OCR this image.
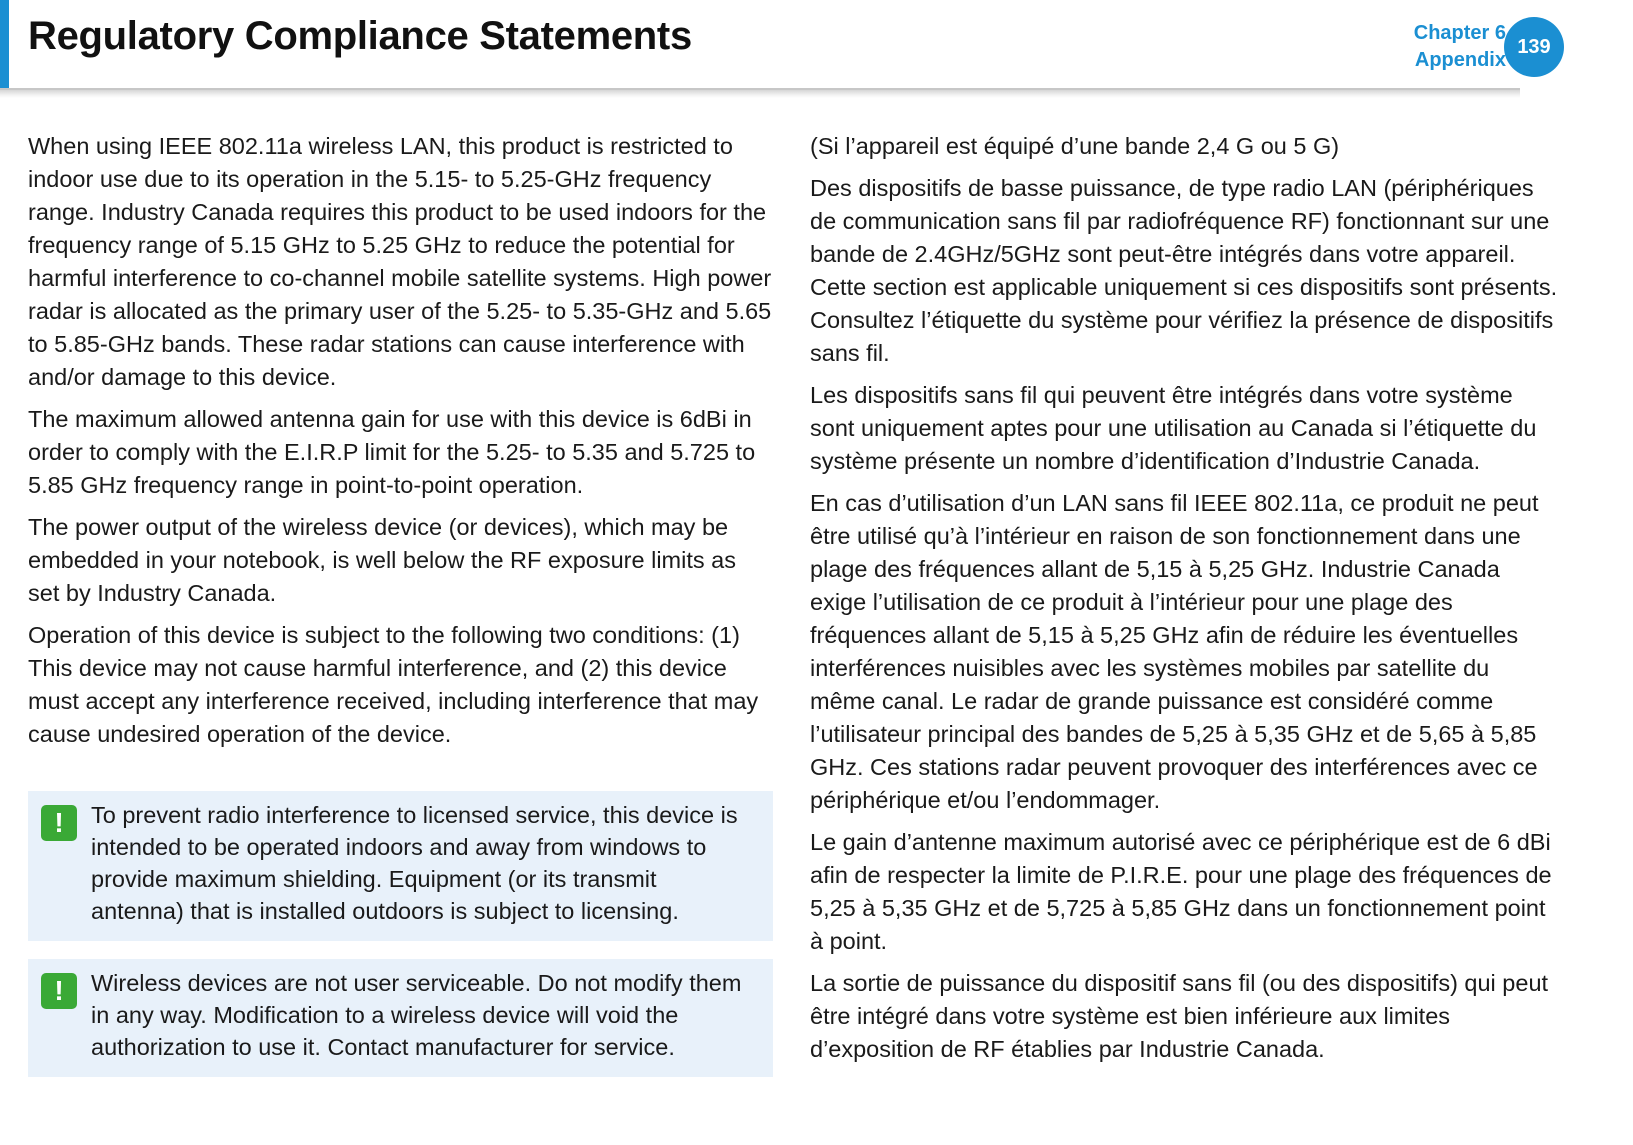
Regulatory Compliance Statements	Chapter 6
Appendix
139

When using IEEE 802.11a wireless LAN, this product is restricted to indoor use due to its operation in the 5.15- to 5.25-GHz frequency range. Industry Canada requires this product to be used indoors for the frequency range of 5.15 GHz to 5.25 GHz to reduce the potential for harmful interference to co-channel mobile satellite systems. High power radar is allocated as the primary user of the 5.25- to 5.35-GHz and 5.65 to 5.85-GHz bands. These radar stations can cause interference with and/or damage to this device.

The maximum allowed antenna gain for use with this device is 6dBi in order to comply with the E.I.R.P limit for the 5.25- to 5.35 and 5.725 to 5.85 GHz frequency range in point-to-point operation.

The power output of the wireless device (or devices), which may be embedded in your notebook, is well below the RF exposure limits as set by Industry Canada.

Operation of this device is subject to the following two conditions: (1) This device may not cause harmful interference, and (2) this device must accept any interference received, including interference that may cause undesired operation of the device.

!	To prevent radio interference to licensed service, this device is intended to be operated indoors and away from windows to provide maximum shielding. Equipment (or its transmit antenna) that is installed outdoors is subject to licensing.
!	Wireless devices are not user serviceable. Do not modify them in any way. Modification to a wireless device will void the authorization to use it. Contact manufacturer for service.

(Si l’appareil est équipé d’une bande 2,4 G ou 5 G)

Des dispositifs de basse puissance, de type radio LAN (périphériques de communication sans fil par radiofréquence RF) fonctionnant sur une bande de 2.4GHz/5GHz sont peut-être intégrés dans votre appareil. Cette section est applicable uniquement si ces dispositifs sont présents. Consultez l’étiquette du système pour vérifiez la présence de dispositifs sans fil.

Les dispositifs sans fil qui peuvent être intégrés dans votre système sont uniquement aptes pour une utilisation au Canada si l’étiquette du système présente un nombre d’identification d’Industrie Canada.

En cas d’utilisation d’un LAN sans fil IEEE 802.11a, ce produit ne peut être utilisé qu’à l’intérieur en raison de son fonctionnement dans une plage des fréquences allant de 5,15 à 5,25 GHz. Industrie Canada exige l’utilisation de ce produit à l’intérieur pour une plage des fréquences allant de 5,15 à 5,25 GHz afin de réduire les éventuelles interférences nuisibles avec les systèmes mobiles par satellite du même canal. Le radar de grande puissance est considéré comme l’utilisateur principal des bandes de 5,25 à 5,35 GHz et de 5,65 à 5,85 GHz. Ces stations radar peuvent provoquer des interférences avec ce périphérique et/ou l’endommager.

Le gain d’antenne maximum autorisé avec ce périphérique est de 6 dBi afin de respecter la limite de P.I.R.E. pour une plage des fréquences de 5,25 à 5,35 GHz et de 5,725 à 5,85 GHz dans un fonctionnement point à point.

La sortie de puissance du dispositif sans fil (ou des dispositifs) qui peut être intégré dans votre système est bien inférieure aux limites d’exposition de RF établies par Industrie Canada.
